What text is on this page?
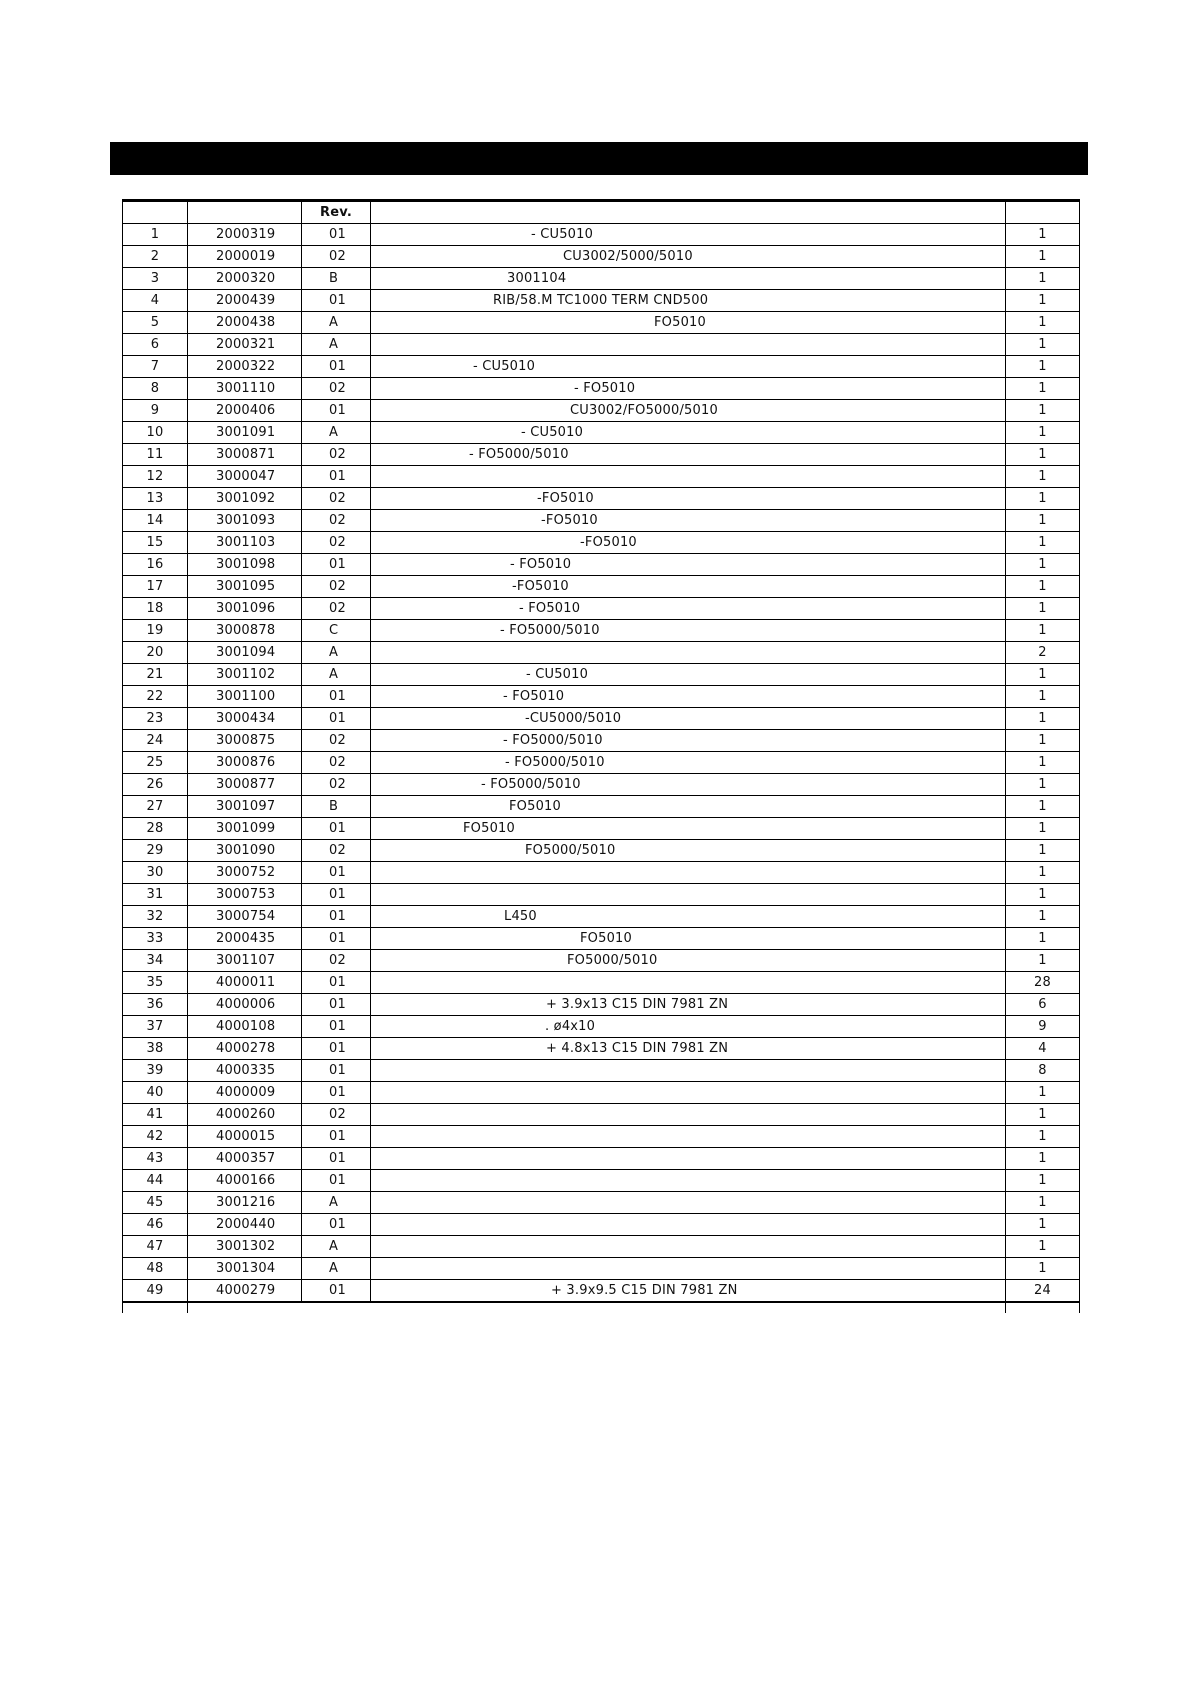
		Rev.		
1	2000319	01	- CU5010	1
2	2000019	02	CU3002/5000/5010	1
3	2000320	B	3001104	1
4	2000439	01	RIB/58.M TC1000 TERM CND500	1
5	2000438	A	FO5010	1
6	2000321	A		1
7	2000322	01	- CU5010	1
8	3001110	02	- FO5010	1
9	2000406	01	CU3002/FO5000/5010	1
10	3001091	A	- CU5010	1
11	3000871	02	- FO5000/5010	1
12	3000047	01		1
13	3001092	02	-FO5010	1
14	3001093	02	-FO5010	1
15	3001103	02	-FO5010	1
16	3001098	01	- FO5010	1
17	3001095	02	-FO5010	1
18	3001096	02	- FO5010	1
19	3000878	C	- FO5000/5010	1
20	3001094	A		2
21	3001102	A	- CU5010	1
22	3001100	01	- FO5010	1
23	3000434	01	-CU5000/5010	1
24	3000875	02	- FO5000/5010	1
25	3000876	02	- FO5000/5010	1
26	3000877	02	- FO5000/5010	1
27	3001097	B	FO5010	1
28	3001099	01	FO5010	1
29	3001090	02	FO5000/5010	1
30	3000752	01		1
31	3000753	01		1
32	3000754	01	L450	1
33	2000435	01	FO5010	1
34	3001107	02	FO5000/5010	1
35	4000011	01		28
36	4000006	01	+ 3.9x13 C15 DIN 7981 ZN	6
37	4000108	01	. ø4x10	9
38	4000278	01	+ 4.8x13 C15 DIN 7981 ZN	4
39	4000335	01		8
40	4000009	01		1
41	4000260	02		1
42	4000015	01		1
43	4000357	01		1
44	4000166	01		1
45	3001216	A		1
46	2000440	01		1
47	3001302	A		1
48	3001304	A		1
49	4000279	01	+ 3.9x9.5 C15 DIN 7981 ZN	24
